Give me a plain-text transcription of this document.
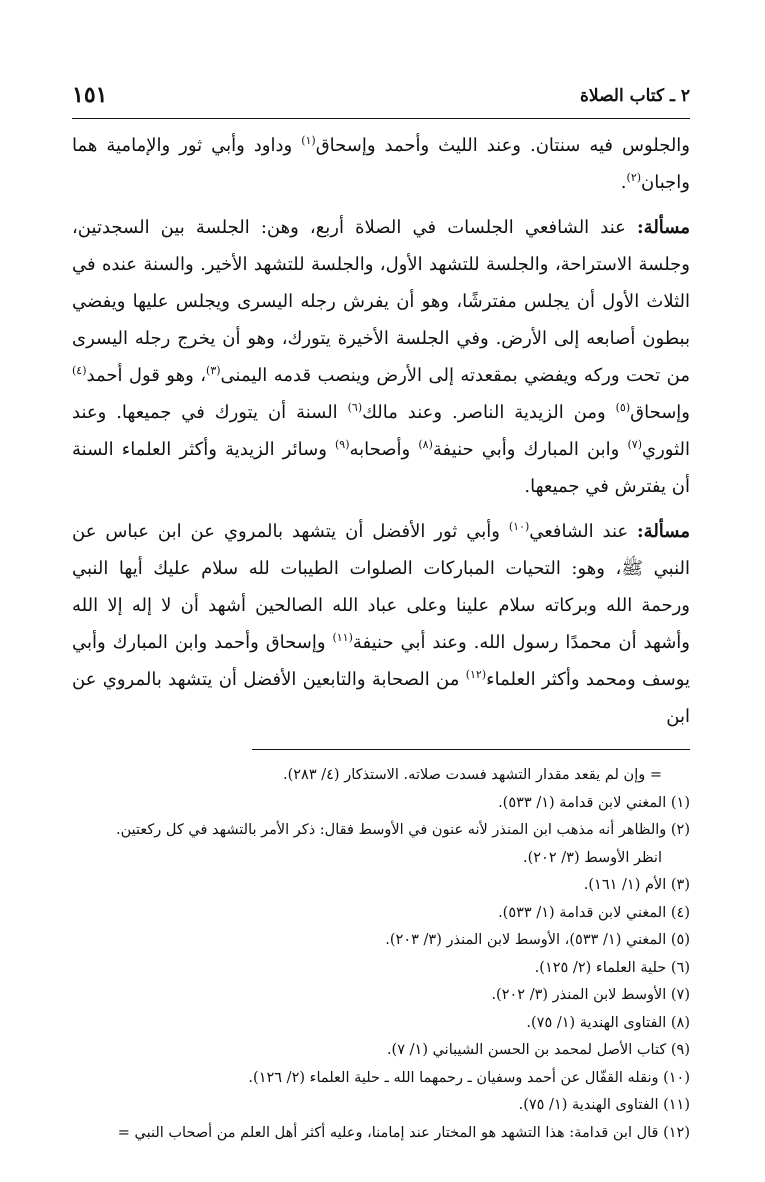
٢ ـ كتاب الصلاة
١٥١

والجلوس فيه سنتان. وعند الليث وأحمد وإسحاق$^{(١)}$ وداود وأبي ثور والإمامية هما واجبان$^{(٢)}$.

مسألة: عند الشافعي الجلسات في الصلاة أربع، وهن: الجلسة بين السجدتين، وجلسة الاستراحة، والجلسة للتشهد الأول، والجلسة للتشهد الأخير. والسنة عنده في الثلاث الأول أن يجلس مفترشًا، وهو أن يفرش رجله اليسرى ويجلس عليها ويفضي ببطون أصابعه إلى الأرض. وفي الجلسة الأخيرة يتورك، وهو أن يخرج رجله اليسرى من تحت وركه ويفضي بمقعدته إلى الأرض وينصب قدمه اليمنى$^{(٣)}$، وهو قول أحمد$^{(٤)}$ وإسحاق$^{(٥)}$ ومن الزيدية الناصر. وعند مالك$^{(٦)}$ السنة أن يتورك في جميعها. وعند الثوري$^{(٧)}$ وابن المبارك وأبي حنيفة$^{(٨)}$ وأصحابه$^{(٩)}$ وسائر الزيدية وأكثر العلماء السنة أن يفترش في جميعها.

مسألة: عند الشافعي$^{(١٠)}$ وأبي ثور الأفضل أن يتشهد بالمروي عن ابن عباس عن النبي ﷺ، وهو: التحيات المباركات الصلوات الطيبات لله سلام عليك أيها النبي ورحمة الله وبركاته سلام علينا وعلى عباد الله الصالحين أشهد أن لا إله إلا الله وأشهد أن محمدًا رسول الله. وعند أبي حنيفة$^{(١١)}$ وإسحاق وأحمد وابن المبارك وأبي يوسف ومحمد وأكثر العلماء$^{(١٢)}$ من الصحابة والتابعين الأفضل أن يتشهد بالمروي عن ابن

= وإن لم يقعد مقدار التشهد فسدت صلاته. الاستذكار (٤/ ٢٨٣).

(١) المغني لابن قدامة (١/ ٥٣٣).

(٢) والظاهر أنه مذهب ابن المنذر لأنه عنون في الأوسط فقال: ذكر الأمر بالتشهد في كل ركعتين.

انظر الأوسط (٣/ ٢٠٢).

(٣) الأم (١/ ١٦١).

(٤) المغني لابن قدامة (١/ ٥٣٣).

(٥) المغني (١/ ٥٣٣)، الأوسط لابن المنذر (٣/ ٢٠٣).

(٦) حلية العلماء (٢/ ١٢٥).

(٧) الأوسط لابن المنذر (٣/ ٢٠٢).

(٨) الفتاوى الهندية (١/ ٧٥).

(٩) كتاب الأصل لمحمد بن الحسن الشيباني (١/ ٧).

(١٠) ونقله القفّال عن أحمد وسفيان ـ رحمهما الله ـ حلية العلماء (٢/ ١٢٦).

(١١) الفتاوى الهندية (١/ ٧٥).

(١٢) قال ابن قدامة: هذا التشهد هو المختار عند إمامنا، وعليه أكثر أهل العلم من أصحاب النبي =
